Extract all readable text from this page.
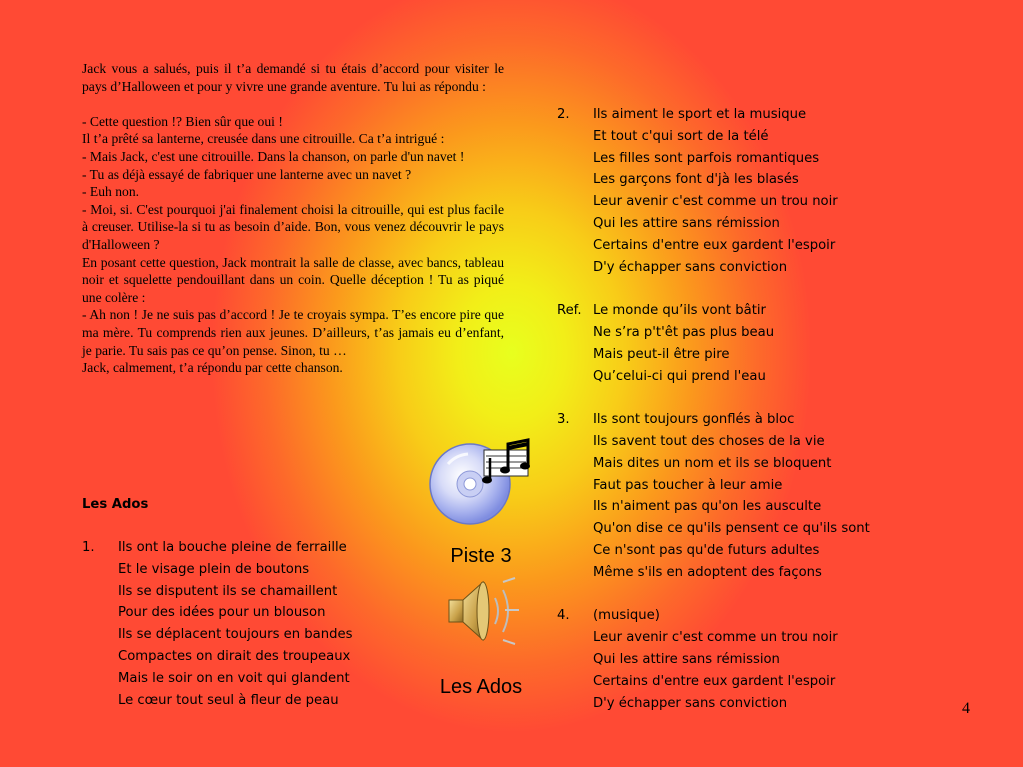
Jack vous a salués, puis il t’a demandé si tu étais d’accord pour visiter le pays d’Halloween et pour y vivre une grande aventure. Tu lui as répondu :

- Cette question !? Bien sûr que oui !

Il t’a prêté sa lanterne, creusée dans une citrouille. Ca t’a intrigué :

- Mais Jack, c'est une citrouille. Dans la chanson, on parle d'un navet !

- Tu as déjà essayé de fabriquer une lanterne avec un navet ?

- Euh non.

- Moi, si. C'est pourquoi j'ai finalement choisi la citrouille, qui est plus facile à creuser. Utilise-la si tu as besoin d’aide. Bon, vous venez découvrir le pays d'Halloween ?

En posant cette question, Jack montrait la salle de classe, avec bancs, tableau noir et squelette pendouillant dans un coin. Quelle déception ! Tu as piqué une colère :

- Ah non ! Je ne suis pas d’accord ! Je te croyais sympa. T’es encore pire que ma mère. Tu comprends rien aux jeunes. D’ailleurs, t’as jamais eu d’enfant, je parie. Tu sais pas ce qu’on pense. Sinon, tu …

Jack, calmement, t’a répondu par cette chanson.

Les Ados
1.	Ils ont la bouche pleine de ferraille
Et le visage plein de boutons
Ils se disputent ils se chamaillent
Pour des idées pour un blouson
Ils se déplacent toujours en bandes
Compactes on dirait des troupeaux
Mais le soir on en voit qui glandent
Le cœur tout seul à fleur de peau
2.	Ils aiment le sport et la musique
Et tout c'qui sort de la télé
Les filles sont parfois romantiques
Les garçons font d'jà les blasés
Leur avenir c'est comme un trou noir
Qui les attire sans rémission
Certains d'entre eux gardent l'espoir
D'y échapper sans conviction
Ref. Le monde qu’ils vont bâtir
Ne s’ra p't'êt pas plus beau
Mais peut-il être pire
Qu’celui-ci qui prend l'eau
3.	Ils sont toujours gonflés à bloc
Ils savent tout des choses de la vie
Mais dites un nom et ils se bloquent
Faut pas toucher à leur amie
Ils n'aiment pas qu'on les ausculte
Qu'on dise ce qu'ils pensent ce qu'ils sont
Ce n'sont pas qu'de futurs adultes
Même s'ils en adoptent des façons
4.	(musique)
Leur avenir c'est comme un trou noir
Qui les attire sans rémission
Certains d'entre eux gardent l'espoir
D'y échapper sans conviction
Piste 3
Les Ados
4
